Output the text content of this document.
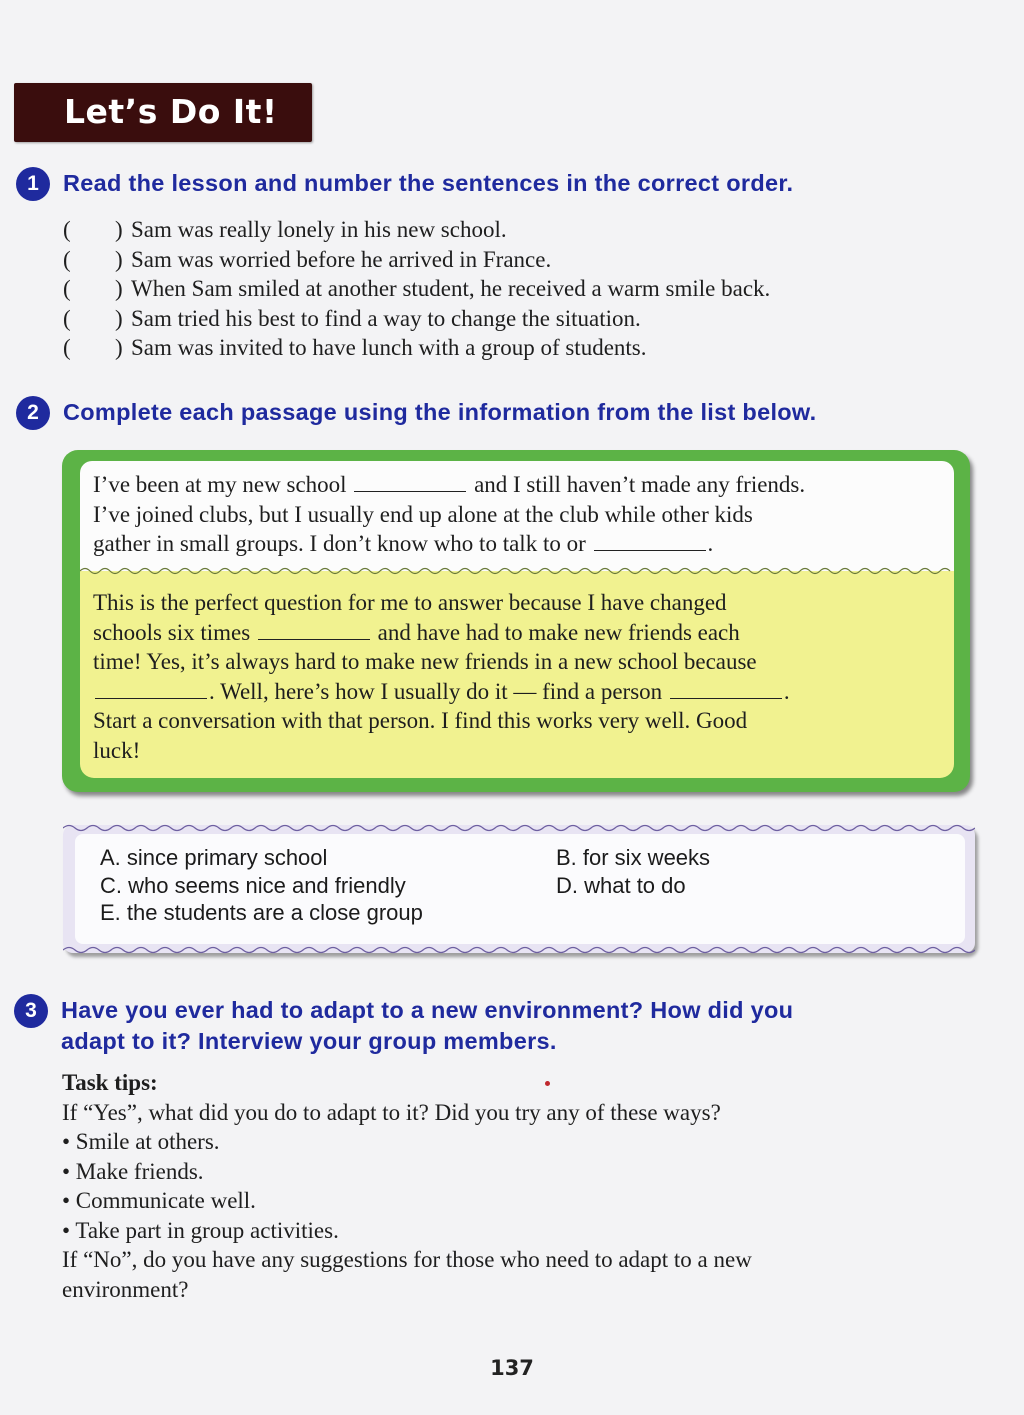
Let’s Do It!
1	Read the lesson and number the sentences in the correct order.
( ) Sam was really lonely in his new school.
( ) Sam was worried before he arrived in France.
( ) When Sam smiled at another student, he received a warm smile back.
( ) Sam tried his best to find a way to change the situation.
( ) Sam was invited to have lunch with a group of students.
2	Complete each passage using the information from the list below.

I’ve been at my new school	and I still haven’t made any friends.

I’ve joined clubs, but I usually end up alone at the club while other kids

gather in small groups. I don’t know who to talk to or	.

This is the perfect question for me to answer because I have changed

schools six times	and have had to make new friends each

time! Yes, it’s always hard to make new friends in a new school because

. Well, here’s how I usually do it — find a person	.

Start a conversation with that person. I find this works very well. Good

luck!

A. since primary school	B. for six weeks
C. who seems nice and friendly	D. what to do
E. the students are a close group
3	Have you ever had to adapt to a new environment? How did you
adapt to it? Interview your group members.

Task tips:

If “Yes”, what did you do to adapt to it? Did you try any of these ways?

• Smile at others.

• Make friends.

• Communicate well.

• Take part in group activities.

If “No”, do you have any suggestions for those who need to adapt to a new

environment?

137
